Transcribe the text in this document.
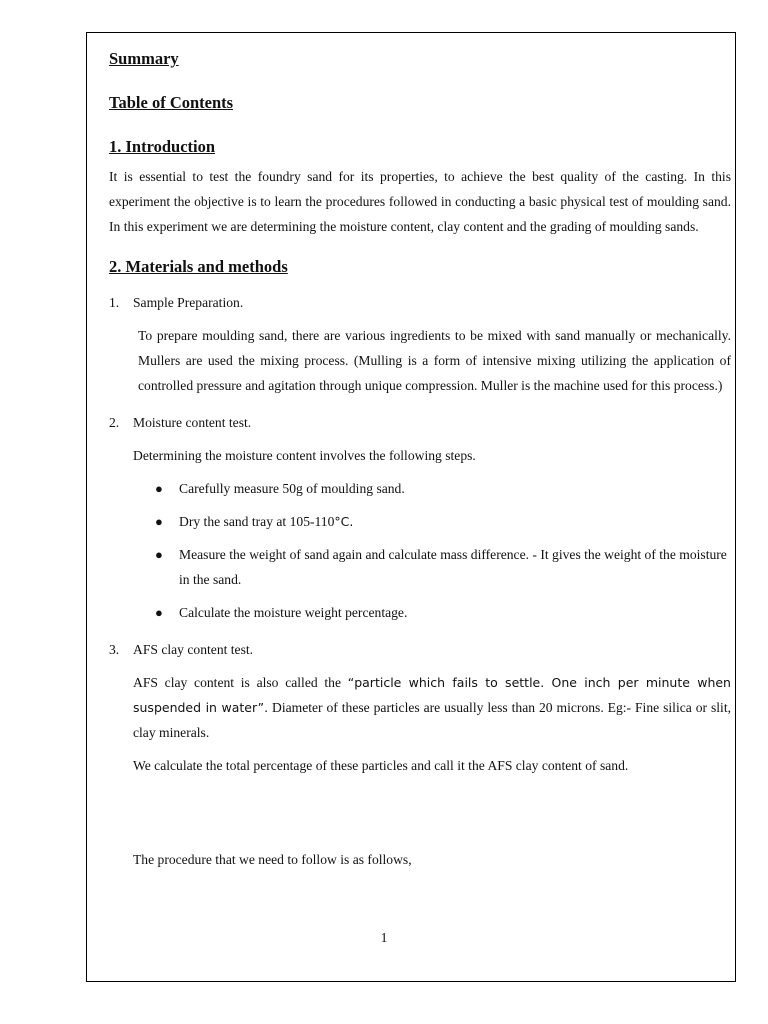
Summary
Table of Contents
1. Introduction

It is essential to test the foundry sand for its properties, to achieve the best quality of the casting. In this experiment the objective is to learn the procedures followed in conducting a basic physical test of moulding sand. In this experiment we are determining the moisture content, clay content and the grading of moulding sands.

2. Materials and methods
1.	Sample Preparation.

To prepare moulding sand, there are various ingredients to be mixed with sand manually or mechanically. Mullers are used the mixing process. (Mulling is a form of intensive mixing utilizing the application of controlled pressure and agitation through unique compression. Muller is the machine used for this process.)

2.	Moisture content test.

Determining the moisture content involves the following steps.

●	Carefully measure 50g of moulding sand.
●	Dry the sand tray at 105-110°C.
●	Measure the weight of sand again and calculate mass difference. - It gives the weight of the moisture in the sand.
●	Calculate the moisture weight percentage.
3.	AFS clay content test.

AFS clay content is also called the “particle which fails to settle. One inch per minute when suspended in water”. Diameter of these particles are usually less than 20 microns. Eg:- Fine silica or slit, clay minerals.

We calculate the total percentage of these particles and call it the AFS clay content of sand.

The procedure that we need to follow is as follows,

1
